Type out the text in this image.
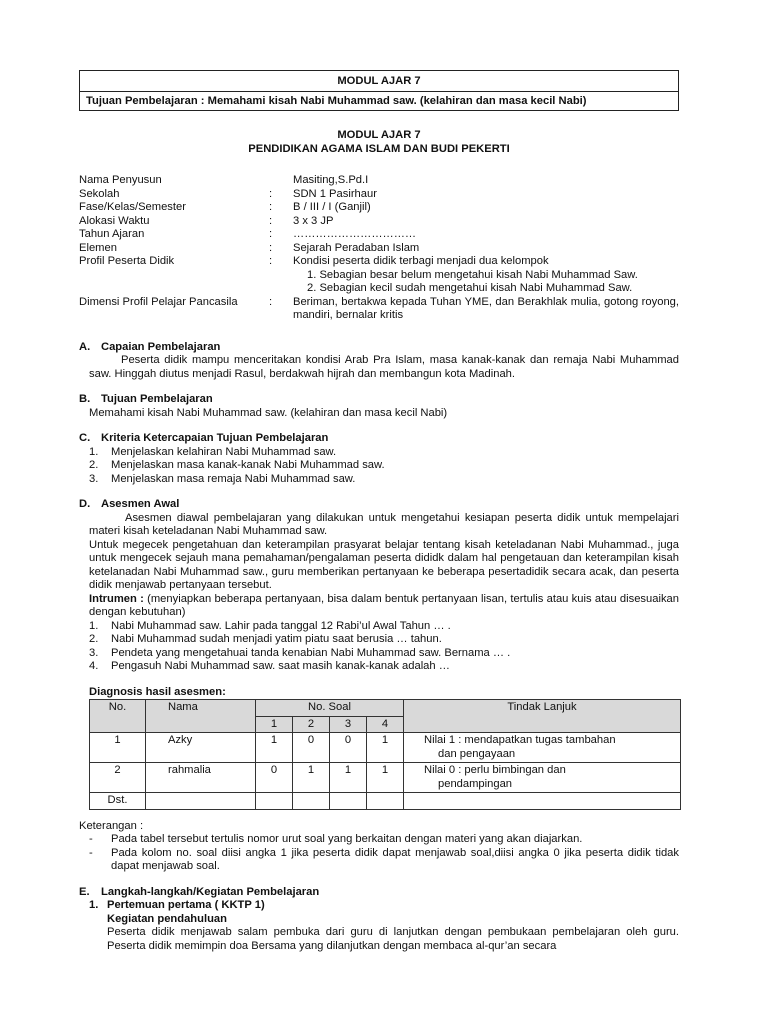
MODUL AJAR 7
Tujuan Pembelajaran : Memahami kisah Nabi Muhammad saw. (kelahiran dan masa kecil Nabi)
MODUL AJAR 7
PENDIDIKAN AGAMA ISLAM DAN BUDI PEKERTI
Nama Penyusun	Masiting,S.Pd.I
Sekolah	:	SDN 1 Pasirhaur
Fase/Kelas/Semester	:	B / III / I (Ganjil)
Alokasi Waktu	:	3 x 3 JP
Tahun Ajaran	:	……………………………
Elemen	:	Sejarah Peradaban Islam
Profil Peserta Didik	:	Kondisi peserta didik terbagi menjadi dua kelompok
1. Sebagian besar belum mengetahui kisah Nabi Muhammad Saw.
2. Sebagian kecil sudah mengetahui kisah Nabi Muhammad Saw.
Dimensi Profil Pelajar Pancasila	:	Beriman, bertakwa kepada Tuhan YME, dan Berakhlak mulia, gotong royong, mandiri, bernalar kritis
A. Capaian Pembelajaran
Peserta didik mampu menceritakan kondisi Arab Pra Islam, masa kanak-kanak dan remaja Nabi Muhammad saw. Hinggah diutus menjadi Rasul, berdakwah hijrah dan membangun kota Madinah.
B. Tujuan Pembelajaran
Memahami kisah Nabi Muhammad saw. (kelahiran dan masa kecil Nabi)
C. Kriteria Ketercapaian Tujuan Pembelajaran
1.	Menjelaskan kelahiran Nabi Muhammad saw.
2.	Menjelaskan masa kanak-kanak Nabi Muhammad saw.
3.	Menjelaskan masa remaja Nabi Muhammad saw.
D. Asesmen Awal
Asesmen diawal pembelajaran yang dilakukan untuk mengetahui kesiapan peserta didik untuk mempelajari materi kisah keteladanan Nabi Muhammad saw.
Untuk megecek pengetahuan dan keterampilan prasyarat belajar tentang kisah keteladanan Nabi Muhammad., juga untuk mengecek sejauh mana pemahaman/pengalaman peserta dididk dalam hal pengetauan dan keterampilan kisah ketelanadan Nabi Muhammad saw., guru memberikan pertanyaan ke beberapa pesertadidik secara acak, dan peserta didik menjawab pertanyaan tersebut.
Intrumen : (menyiapkan beberapa pertanyaan, bisa dalam bentuk pertanyaan lisan, tertulis atau kuis atau disesuaikan dengan kebutuhan)
1.	Nabi Muhammad saw. Lahir pada tanggal 12 Rabi’ul Awal Tahun … .
2.	Nabi Muhammad sudah menjadi yatim piatu saat berusia … tahun.
3.	Pendeta yang mengetahuai tanda kenabian Nabi Muhammad saw. Bernama … .
4.	Pengasuh Nabi Muhammad saw. saat masih kanak-kanak adalah …
Diagnosis hasil asesmen:
No.	Nama	No. Soal				Tindak Lanjuk
		1	2	3	4	
1	Azky	1	0	0	1	Nilai 1 : mendapatkan tugas tambahan
dan pengayaan

2	rahmalia	0	1	1	1	Nilai 0 : perlu bimbingan dan
pendampingan

Dst.						
Keterangan :
-	Pada tabel tersebut tertulis nomor urut soal yang berkaitan dengan materi yang akan diajarkan.
-	Pada kolom no. soal diisi angka 1 jika peserta didik dapat menjawab soal,diisi angka 0 jika peserta didik tidak dapat menjawab soal.
E.	Langkah-langkah/Kegiatan Pembelajaran
1. Pertemuan pertama ( KKTP 1)
Kegiatan pendahuluan
Peserta didik menjawab salam pembuka dari guru di lanjutkan dengan pembukaan pembelajaran oleh guru. Peserta didik memimpin doa Bersama yang dilanjutkan dengan membaca al-qur’an secara
